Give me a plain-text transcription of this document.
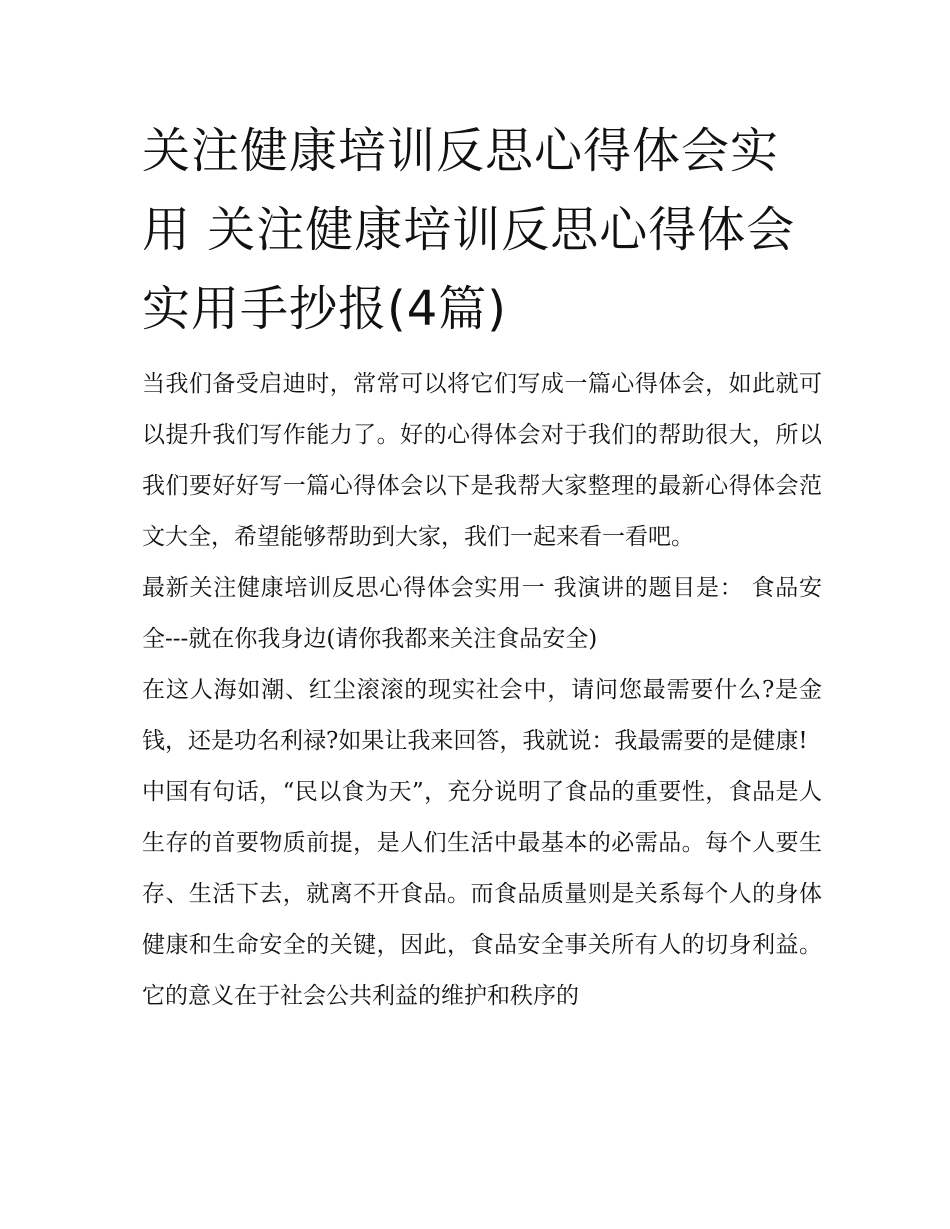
关注健康培训反思心得体会实用 关注健康培训反思心得体会实用手抄报(4篇)

当我们备受启迪时，常常可以将它们写成一篇心得体会，如此就可以提升我们写作能力了。好的心得体会对于我们的帮助很大，所以我们要好好写一篇心得体会以下是我帮大家整理的最新心得体会范文大全，希望能够帮助到大家，我们一起来看一看吧。

最新关注健康培训反思心得体会实用一 我演讲的题目是： 食品安全---就在你我身边(请你我都来关注食品安全)

在这人海如潮、红尘滚滚的现实社会中，请问您最需要什么?是金钱，还是功名利禄?如果让我来回答，我就说：我最需要的是健康!

中国有句话，“民以食为天”，充分说明了食品的重要性，食品是人生存的首要物质前提，是人们生活中最基本的必需品。每个人要生存、生活下去，就离不开食品。而食品质量则是关系每个人的身体健康和生命安全的关键，因此，食品安全事关所有人的切身利益。它的意义在于社会公共利益的维护和秩序的
